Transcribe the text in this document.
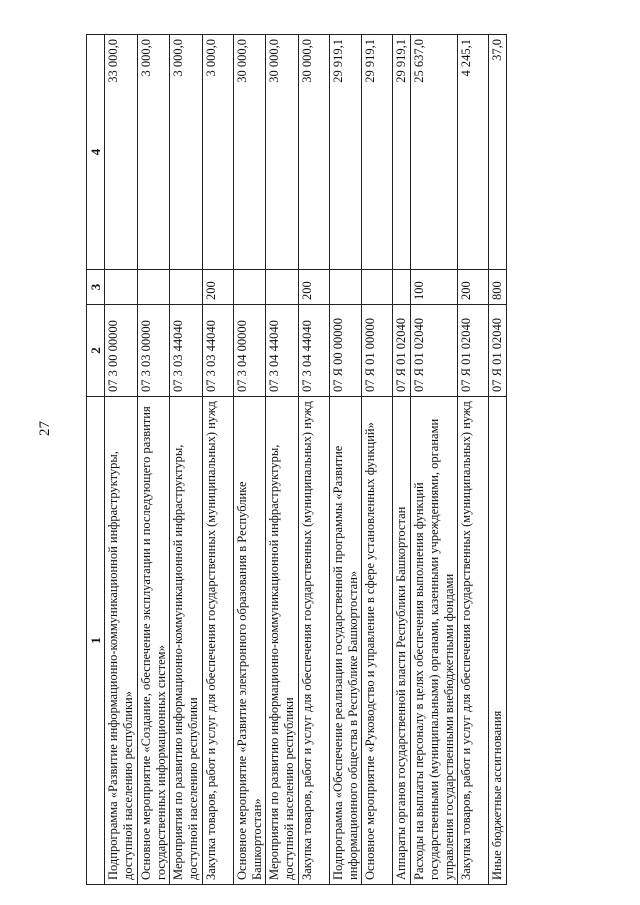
27
1	2	3	4
Подпрограмма «Развитие информационно-коммуникационной инфраструктуры, доступной населению республики»	07 3 00 00000		33 000,0
Основное мероприятие «Создание, обеспечение эксплуатации и последующего развития государственных информационных систем»	07 3 03 00000		3 000,0
Мероприятия по развитию информационно-коммуникационной инфраструктуры, доступной населению республики	07 3 03 44040		3 000,0
Закупка товаров, работ и услуг для обеспечения государственных (муниципальных) нужд	07 3 03 44040	200	3 000,0
Основное мероприятие «Развитие электронного образования в Республике Башкортостан»	07 3 04 00000		30 000,0
Мероприятия по развитию информационно-коммуникационной инфраструктуры, доступной населению республики	07 3 04 44040		30 000,0
Закупка товаров, работ и услуг для обеспечения государственных (муниципальных) нужд	07 3 04 44040	200	30 000,0
Подпрограмма «Обеспечение реализации государственной программы «Развитие информационного общества в Республике Башкортостан»	07 Я 00 00000		29 919,1
Основное мероприятие «Руководство и управление в сфере установленных функций»	07 Я 01 00000		29 919,1
Аппараты органов государственной власти Республики Башкортостан	07 Я 01 02040		29 919,1
Расходы на выплаты персоналу в целях обеспечения выполнения функций государственными (муниципальными) органами, казенными учреждениями, органами управления государственными внебюджетными фондами	07 Я 01 02040	100	25 637,0
Закупка товаров, работ и услуг для обеспечения государственных (муниципальных) нужд	07 Я 01 02040	200	4 245,1
Иные бюджетные ассигнования	07 Я 01 02040	800	37,0
